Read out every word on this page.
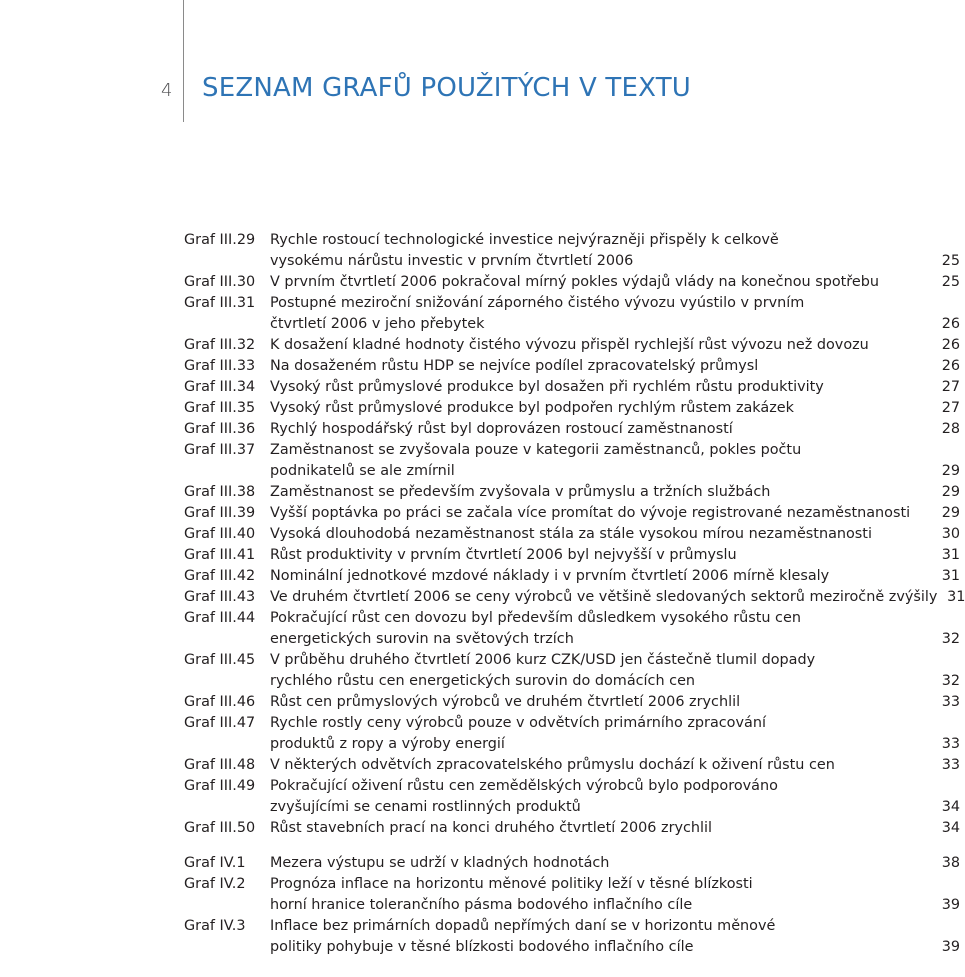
4 SEZNAM GRAFŮ POUŽITÝCH V TEXTU
Graf III.29	Rychle rostoucí technologické investice nejvýrazněji přispěly k celkově
vysokému nárůstu investic v prvním čtvrtletí 2006	25
Graf III.30	V prvním čtvrtletí 2006 pokračoval mírný pokles výdajů vlády na konečnou spotřebu	25
Graf III.31	Postupné meziroční snižování záporného čistého vývozu vyústilo v prvním
čtvrtletí 2006 v jeho přebytek	26
Graf III.32	K dosažení kladné hodnoty čistého vývozu přispěl rychlejší růst vývozu než dovozu	26
Graf III.33	Na dosaženém růstu HDP se nejvíce podílel zpracovatelský průmysl	26
Graf III.34	Vysoký růst průmyslové produkce byl dosažen při rychlém růstu produktivity	27
Graf III.35	Vysoký růst průmyslové produkce byl podpořen rychlým růstem zakázek	27
Graf III.36	Rychlý hospodářský růst byl doprovázen rostoucí zaměstnaností	28
Graf III.37	Zaměstnanost se zvyšovala pouze v kategorii zaměstnanců, pokles počtu
podnikatelů se ale zmírnil	29
Graf III.38	Zaměstnanost se především zvyšovala v průmyslu a tržních službách	29
Graf III.39	Vyšší poptávka po práci se začala více promítat do vývoje registrované nezaměstnanosti	29
Graf III.40	Vysoká dlouhodobá nezaměstnanost stála za stále vysokou mírou nezaměstnanosti	30
Graf III.41	Růst produktivity v prvním čtvrtletí 2006 byl nejvyšší v průmyslu	31
Graf III.42	Nominální jednotkové mzdové náklady i v prvním čtvrtletí 2006 mírně klesaly	31
Graf III.43	Ve druhém čtvrtletí 2006 se ceny výrobců ve většině sledovaných sektorů meziročně zvýšily 31
Graf III.44	Pokračující růst cen dovozu byl především důsledkem vysokého růstu cen
energetických surovin na světových trzích	32
Graf III.45	V průběhu druhého čtvrtletí 2006 kurz CZK/USD jen částečně tlumil dopady
rychlého růstu cen energetických surovin do domácích cen	32
Graf III.46	Růst cen průmyslových výrobců ve druhém čtvrtletí 2006 zrychlil	33
Graf III.47	Rychle rostly ceny výrobců pouze v odvětvích primárního zpracování
produktů z ropy a výroby energií	33
Graf III.48	V některých odvětvích zpracovatelského průmyslu dochází k oživení růstu cen	33
Graf III.49	Pokračující oživení růstu cen zemědělských výrobců bylo podporováno
zvyšujícími se cenami rostlinných produktů	34
Graf III.50	Růst stavebních prací na konci druhého čtvrtletí 2006 zrychlil	34
Graf IV.1	Mezera výstupu se udrží v kladných hodnotách	38
Graf IV.2	Prognóza inflace na horizontu měnové politiky leží v těsné blízkosti
horní hranice tolerančního pásma bodového inflačního cíle	39
Graf IV.3	Inflace bez primárních dopadů nepřímých daní se v horizontu měnové
politiky pohybuje v těsné blízkosti bodového inflačního cíle	39
